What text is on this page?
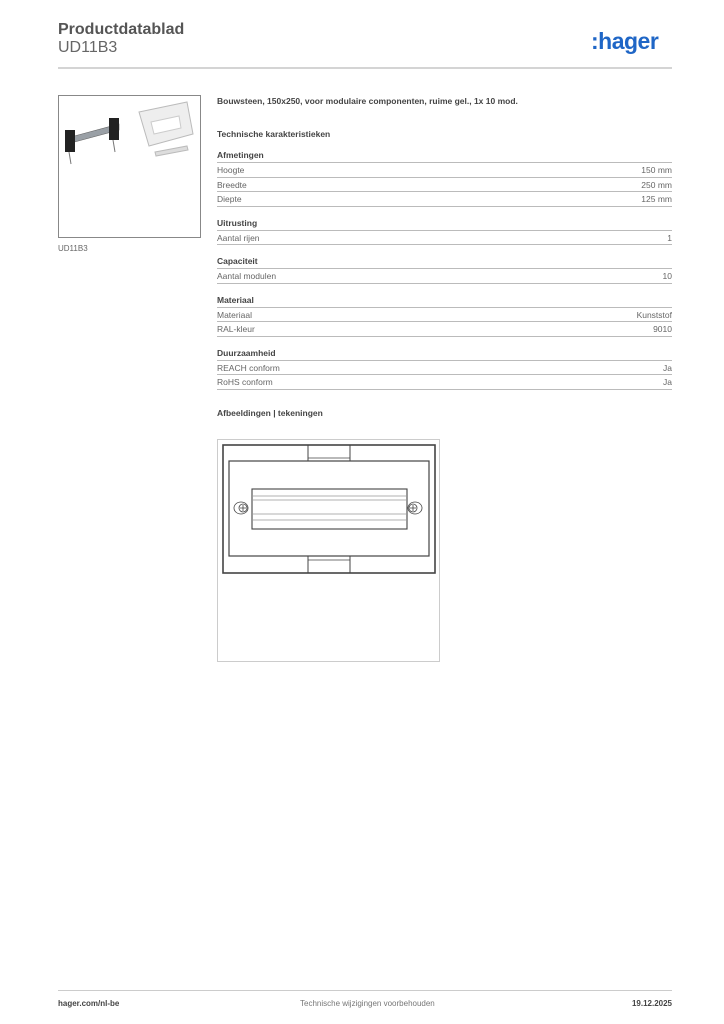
Productdatablad
UD11B3	:hager
UD11B3
Bouwsteen, 150x250, voor modulaire componenten, ruime gel., 1x 10 mod.
Technische karakteristieken
Afmetingen
Hoogte	150 mm
Breedte	250 mm
Diepte	125 mm
Uitrusting
Aantal rijen	1
Capaciteit
Aantal modulen	10
Materiaal
Materiaal	Kunststof
RAL-kleur	9010
Duurzaamheid
REACH conform	Ja
RoHS conform	Ja
Afbeeldingen | tekeningen
hager.com/nl-be	Technische wijzigingen voorbehouden	19.12.2025
